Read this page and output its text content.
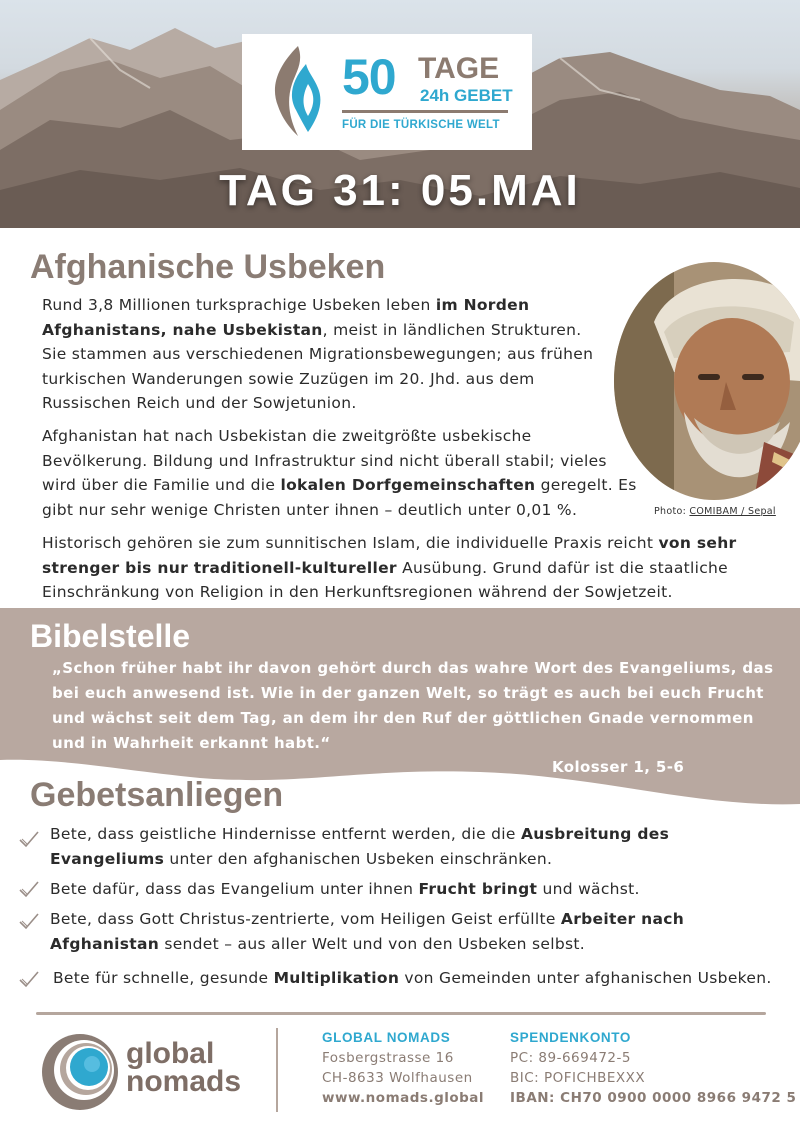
50 TAGE
24h GEBET
FÜR DIE TÜRKISCHE WELT
TAG 31: 05.MAI
Afghanische Usbeken
Rund 3,8 Millionen turksprachige Usbeken leben im Norden Afghanistans, nahe Usbekistan, meist in ländlichen Strukturen. Sie stammen aus verschiedenen Migrationsbewegungen; aus frühen turkischen Wanderungen sowie Zuzügen im 20. Jhd. aus dem Russischen Reich und der Sowjetunion.
Afghanistan hat nach Usbekistan die zweitgrößte usbekische Bevölkerung. Bildung und Infrastruktur sind nicht überall stabil; vieles wird über die Familie und die lokalen Dorfgemeinschaften geregelt. Es gibt nur sehr wenige Christen unter ihnen – deutlich unter 0,01 %.
Historisch gehören sie zum sunnitischen Islam, die individuelle Praxis reicht von sehr strenger bis nur traditionell-kultureller Ausübung. Grund dafür ist die staatliche Einschränkung von Religion in den Herkunftsregionen während der Sowjetzeit.
Photo: COMIBAM / Sepal
Bibelstelle
„Schon früher habt ihr davon gehört durch das wahre Wort des Evangeliums, das bei euch anwesend ist. Wie in der ganzen Welt, so trägt es auch bei euch Frucht und wächst seit dem Tag, an dem ihr den Ruf der göttlichen Gnade vernommen und in Wahrheit erkannt habt.“
Kolosser 1, 5-6
Gebetsanliegen
Bete, dass geistliche Hindernisse entfernt werden, die die Ausbreitung des Evangeliums unter den afghanischen Usbeken einschränken.
Bete dafür, dass das Evangelium unter ihnen Frucht bringt und wächst.
Bete, dass Gott Christus-zentrierte, vom Heiligen Geist erfüllte Arbeiter nach Afghanistan sendet – aus aller Welt und von den Usbeken selbst.
Bete für schnelle, gesunde Multiplikation von Gemeinden unter afghanischen Usbeken.
global
nomads
GLOBAL NOMADS
Fosbergstrasse 16
CH-8633 Wolfhausen
www.nomads.global
SPENDENKONTO
PC: 89-669472-5
BIC: POFICHBEXXX
IBAN: CH70 0900 0000 8966 9472 5
